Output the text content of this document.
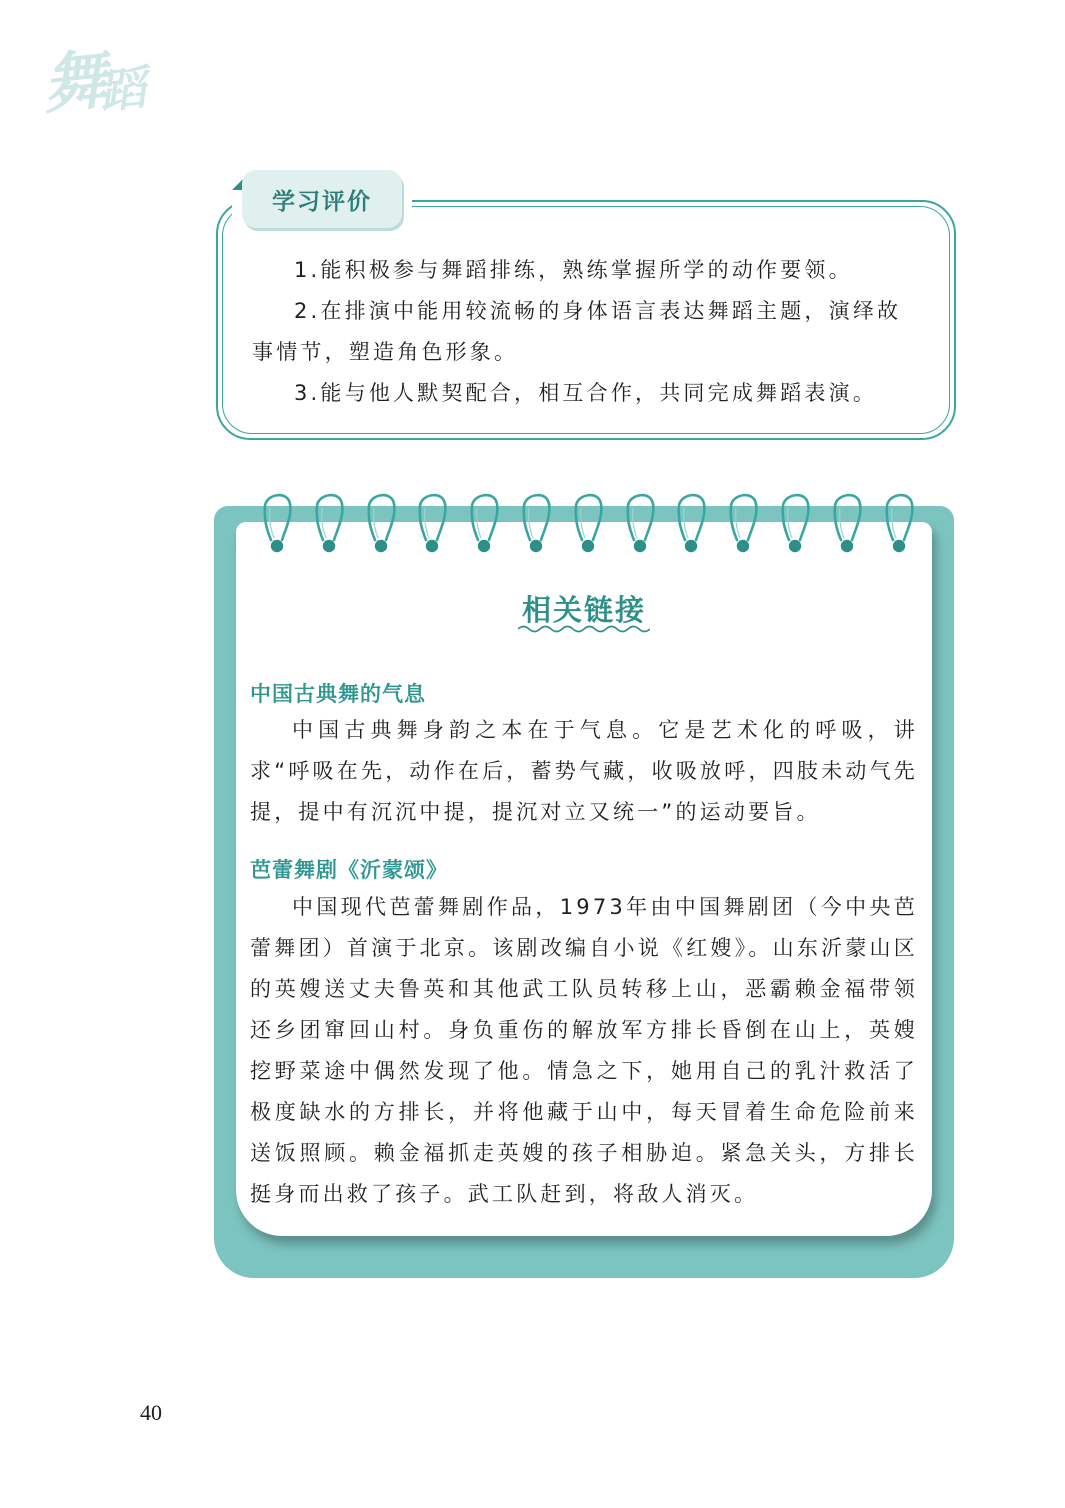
舞蹈
学习评价

1.能积极参与舞蹈排练，熟练掌握所学的动作要领。

2.在排演中能用较流畅的身体语言表达舞蹈主题，演绎故事情节，塑造角色形象。

3.能与他人默契配合，相互合作，共同完成舞蹈表演。

相关链接
中国古典舞的气息

中国古典舞身韵之本在于气息。它是艺术化的呼吸，讲求“呼吸在先，动作在后，蓄势气藏，收吸放呼，四肢未动气先提，提中有沉沉中提，提沉对立又统一”的运动要旨。

芭蕾舞剧《沂蒙颂》

中国现代芭蕾舞剧作品，1973年由中国舞剧团（今中央芭蕾舞团）首演于北京。该剧改编自小说《红嫂》。山东沂蒙山区的英嫂送丈夫鲁英和其他武工队员转移上山，恶霸赖金福带领还乡团窜回山村。身负重伤的解放军方排长昏倒在山上，英嫂挖野菜途中偶然发现了他。情急之下，她用自己的乳汁救活了极度缺水的方排长，并将他藏于山中，每天冒着生命危险前来送饭照顾。赖金福抓走英嫂的孩子相胁迫。紧急关头，方排长挺身而出救了孩子。武工队赶到，将敌人消灭。

40
